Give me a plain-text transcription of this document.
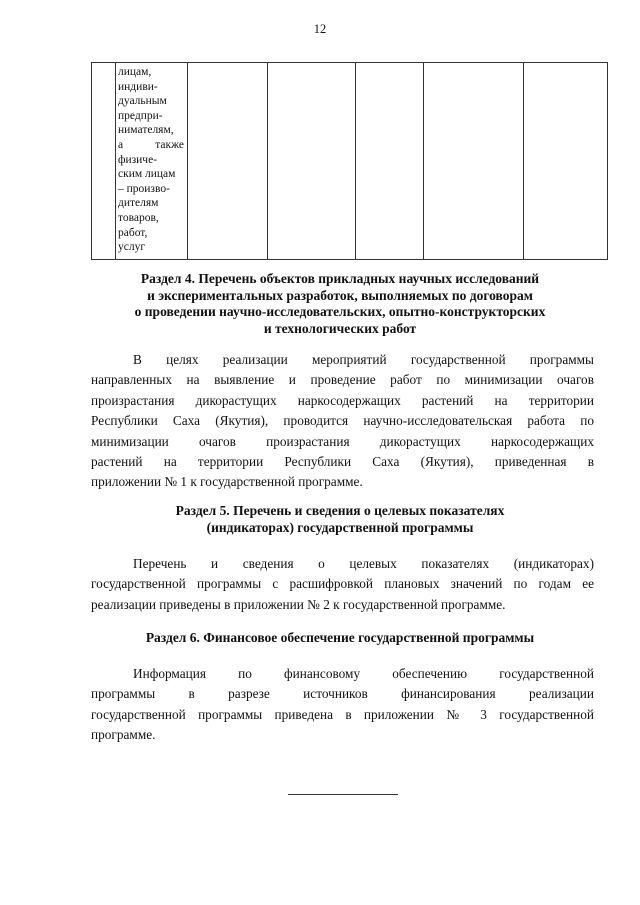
12

лицам,
индиви-
дуальным
предпри-
нимателям,
а также
физиче-
ским лицам
– произво-
дителям
товаров,
работ,
услуг

Раздел 4. Перечень объектов прикладных научных исследований
и экспериментальных разработок, выполняемых по договорам
о проведении научно-исследовательских, опытно-конструкторских
и технологических работ
В целях реализации мероприятий государственной программы
направленных на выявление и проведение работ по минимизации очагов
произрастания дикорастущих наркосодержащих растений на территории
Республики Саха (Якутия), проводится научно-исследовательская работа по
минимизации очагов произрастания дикорастущих наркосодержащих
растений на территории Республики Саха (Якутия), приведенная в
приложении № 1 к государственной программе.
Раздел 5. Перечень и сведения о целевых показателях
(индикаторах) государственной программы
Перечень и сведения о целевых показателях (индикаторах)
государственной программы с расшифровкой плановых значений по годам ее
реализации приведены в приложении № 2 к государственной программе.
Раздел 6. Финансовое обеспечение государственной программы
Информация по финансовому обеспечению государственной
программы в разрезе источников финансирования реализации
государственной программы приведена в приложении № 3 государственной
программе.
